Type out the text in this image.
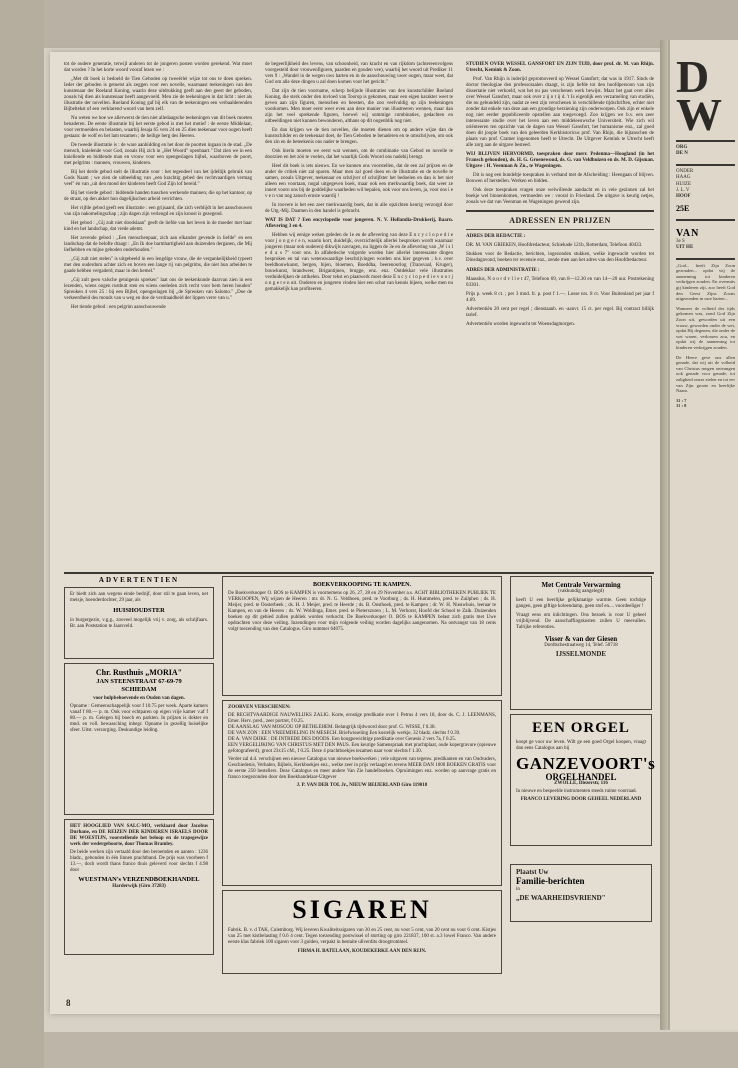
tot de oudere generatie, terwijl anderen tot de jongeren posten worden gerekend. Wat moet dat worden ? In het korte woord vooraf lezen we :

„Met dit boek is bedoeld de Tien Geboden op tweeërlei wijze tot ons te doen spreken. Ieder der geboden is getoetst als zeggen voor een novelle, waarnaast teekeningen van den kunstenaar der Roeland Koning, waarin deze uitdrukking geeft aan den geest der geboden, zooals hij dien als kunstenaar heeft aangevoeld. Men zie de teekeningen in dat licht : niet als illustratie der novellen. Roeland Koning gaf bij elk van de teekeningen een verbaalderenden Bijbeltekst of een verklarend woord van hem zelf.

Nu weten we hoe we allerwerst de tien niet alledaagsche teekeningen van dit boek moeten benaderen. De eerste illustratie bij het eerste gebod is met het motief : de eerste Middelaar, voor vermoeiden en belasten, waarbij Jesaja 65 vers 24 en 25 dien teekenaar voor oogen heeft gestaan: de wolf en het lam tezamen ; de heilige berg des Heeren.

De tweede illustratie is : de ware aanbidding en het door de poorten ingaan in de stad. „De mensch, knielende voor God, zooals Hij zich in „Het Woord" openbaart." Dat zien we in een kniellende en biddende man en vrouw voor een opengeslagen bijbel, waarboven de poort, met pelgrims : mannen, vrouwen, kinderen.

Bij het derde gebod stelt de illustratie voor : het tegendeel van het ijdellijk gebruik van Gods Naam ; we zien de uitbeelding van „een krachtig gebed des rechtvaardigen vermag veel" én van „uit den mond der kinderen heeft God Zijn lof bereid."

Bij het vierde gebod : biddende handen tusschen werkende mannen; die op het kantoor, op de straat, op den akker hun dagelijkschen arbeid verrichten.

Het vijfde gebod geeft een illustratie : een grijsaard, die zich verblijdt in het aanschouwen van zijn nakomelingschap ; zijn dagen zijn verlengd en zijn kroost is gezegend.

Het gebod : „Gij zult niet doodslaan" geeft de liefde van het leven in de moeder met haar kind en het landschap, dat vrede ademt.

Het zevende gebod : „Een menschenpaar, zich aan elkander gevende in liefde" en een landschap dat de belofte draagt : „En Ik doe barmhartigheid aan duizenden derganen, die Mij liefhebben en mijne geboden onderhouden."

„Gij zult niet stelen" is uitgebeeld in een lengdige vrouw, die de vergankelijkheid typeert met den ouderdom achter zich en boven een lange rij van pelgrims, die niet hun arbeiden te gaade hebben vergaderd, maar in den hemel."

„Gij zult geen valsche getuigenis spreken" laat ons de teekenkunde daarvan zien in een lezenden, wiens oogen rusthuit sten en wiens ooeleden zich recht voor hem heren houden" Spreuken 4 vers 25 : bij een Bijbel, opengeslagen bij „de Spreuken van Salomo." „Doe de verkeerdheid des monds van u weg en doe de verdraaidheid der lippen verre van u."

Het tiende gebod : een pelgrim aanschouwende

de begeerlijkheid des levens, van schoonheid, van kracht en van rijkdom (achtereenvolgens voorgesteld door vrouwenfiguren, paarden en gouden vee), waarbij het woord uit Prediker 11 vers 9 : „Wandel in de wegen uws harten en in de aanschouwing uwer oogen, maar weet, dat God om alle deze dingen u zal doen komen voor het gericht."

Dat zijn de tien voorname, scherp belijnde illustraties van den kunstschilder Roeland Koning, die sterk onder den invloed van Toorop is gekomen, maar een eigen karakter weet te geven aan zijn figuren, menschen en beesten, die zoo veelvuldig op zijn teekeningen voorkomen. Men moet eerst weer even aan deze manier van illustreeren wennen, maar dan zijn het veel sprekende figuren, hoewel wij sommige combinaties, gedachten en uitbeeldingen niet kunnen bewonderen, althans op dit oogenblik nog niet.

En dan krijgen we de tien novellen, die moeten dienen om op andere wijze dan de kunstschilder en de teekenaar doet, de Tien Geboden te benaderen en te omschrijven, om ook den zin en de beteekenis ons nader te brengen.

Ook hierin moeten we eerst wat wennen, om de combinatie van Gebod en novelle te doorzien en het zóó te voelen, dat het waarlijk Gods Woord ons nadebij brengt.

Heel dit boek is iets nieuws. En we kunnen ons voorstellen, dat de een zal prijzen en de ander de critiek niet zal sparen. Maar men zal goed doen en de illustratie en de novelle te samen, zooals Uitgever, teekenaar en schrijver of schrijfster het bedoelen en dan is het niet alleen een voortaan, nogal uitgegeven boek, maar ook een merkwaardig boek, dat weer ze innert voorn ons bij de goddelijke waarheden wil bepalen, ook voor ons leven, ja, voor ons i e v e n van nog zansch ernste waardij !

In roovere is het een zeer merkwaardig boek, dat in alle opzichten keurig verzorgd door de Utg.-Mij. Daamen in den handel is gebracht.

WAT IS DAT ? Een encyclopedie voor jongeren. N. V. Hollandia-Drukkerij, Baarn. Aflevering 3 en 4.

Hebben wij eenige weken geleden de 1e en de aflevering van deze E n c y c l o p e d i e voor j o n g e r e n, waarin kort, duidelijk, overzichtelijk allerlei besproken wordt waarnaar jongeren (maar ook ouderen) dikwijls navragen, nu liggen de 3e en 4e aflevering van „W i s l e d a s 7" voor ons. In alfabetische volgorde worden hier allerlei interessante dingen besproken en tal van wetenswaardige beschrijvingen worden ons hier gegeven ; b.v. over beeldhouwkunst, bergen, bijen, bloemen, Boeddha, beerenoorlog (Transvaal, Kruger), bouwkunst, brandweer, Brigantijnen, brugge, enz. enz. Ontdekkar vele illustraties verduidelijken de artikelen. Door tekst en plaatwerk moet deze E n c y c l o p e d i e v o o r j o n g e r e n uit. Ouderen en jongeren vinden hier een schat van kennis bijeen, welke men nu gemakkelijk kan profiteeren.

STUDIEN OVER WESSEL GANSFORT EN ZIJN TIJD, door prof. dr. M. van Rhijn. Utrecht, Kemink & Zoon.

Prof. Van Rhijn is inderijd gepromoveerd op Wessel Gansfort; dat was in 1917. Sinds de doctor theologiae den professoraalen draagt, is zijn liefde tot den hoofdpersoon van zijn dissertatie niet verkoeld, wat het nu pas verschenen werk bewijst. Maar het gaat over alles over Wessel Gansfort, maar ook over z ij n t ij d. 't Is eigenlijk een verzameling van studiën, die nu gebundeld zijn, nadat ze eest zijn verschenen in verschillende tijdschriften, echter niet zonder dat enkele van deze aan een grondige herziening zijn onderworpen. Ook zijn er enkele nog niet eerder gepubliceerde opstellen aan toegevoegd. Zoo krijgen we b.v. een zeer interessante studie over het leven aan een middeleeuwsche Universiteit. Wie zich wil oriënteeren ten opzichte van de dagen van Wessel Gansfort, het humanisme enz., zal goed doen dit joopie boek van den geleerden Kerkhistoricus prof. Van Rhijn, die bijtanschen de plaats van prof. Cramer ingenomen heeft te Utrecht. De Uitgever Kemink te Utrecht heeft alle zorg aan de uitgave besteed.

WIJ BLIJVEN HERVORMD, toespraken door merr. Pedenma—Hoogland (in het Fransch gehouden), ds. H. G. Groenewoud, ds. G. van Veldhuizen en ds. M. D. Gijsman. Uitgave : H. Veenman & Zn., te Wageningen.

Dit is nog een bundeltje toespraken in verband met de Afscheiding : Heengaan of blijven. Bouwen of herstellen. Werken en bidden.

Ook deze toespraken vragen onze welwillende aandacht en in vele gezinnen zal het boekje wel binnenkomen, vermoeden we : vooral in Friesland. De uitgave is keurig netjes, zooals we dat van Veenman en Wageningen gewend zijn.

ADRESSEN EN PRIJZEN

ADRES DER REDACTIE :

DR. M. VAN GRIEKEN, Hoofdredacteur, Schiekade 121b, Rotterdam, Telefoon 40433.

Stukken voor de Redactie, berichten, ingezonden stukken, welke ingewacht worden tot Dinsdagavond, boeken ter recensie enz., zende men aan het adres van den Hoofdredacteur.

ADRES DER ADMINISTRATIE :

Maasslus, N o o r d v l l e t 47, Telefoon 69, van 8—12.30 en van 14—20 uur. Postrekening 03301.

Prijs p. week 8 ct. ; per 3 mnd. fr. p. post f 1.—. Losse nrs. 8 ct. Voor Buitenland per jaar f 4.69.

Advertentiën 20 cent per regel ; dienstaanb. en -aanvr. 15 ct. per regel. Bij contract billijk tarief.

Advertentiën worden ingewacht tot Woensdagmorgen.

ADVERTENTIEN
Er biedt zich aan wegens einde bedrijf, door stil te gaan leven, net meisje, hoenderdochter, 29 jaar, als
HUISHOUDSTER
in burgergezin, v.g.g., zooveel mogelijk vrij v. zorg, als schrijfaars. Br. aan Poststation te Jaarsveld.
Chr. Rusthuis „MORIA"
JAN STEENSTRAAT 67-69-79
SCHIEDAM
voor hulpbehoevende en Ouden van dagen.
Opname : Gemeenschappelijk voor f 10.75 per week. Aparte kamers vanaf f 80.— p. m. Ook voor echtparen op eigen vrije kamer v.af f 80.— p. m. Gelegen bij boech en parkten. In prijzen is dokter en mnd. en voll. bewassching inbegr. Opname in gezellig huiselijke sfeer. Uitst. verzorging. Deskundige leiding.
HET HOOGLIED VAN SALC-MO, verklaard door Jacobus Durhane, en DE REIZEN DER KINDEREN ISRAELS DOOR DE WOESTIJN, voorstellende het beloop en de trapsgewijze werk der wedergeboorte, door Thomas Bramley.
De beide werken zijn vertaald door den beroemden en aanten : 1236 bladz., gebonden in één linnen prachtband. De prijs was voorheen f 13.—, doch wordt thans franco thuis geleverd voor slechts f 4.98 door
WUESTMAN's VERZENDBOEKHANDEL
Harderwijk (Giro 37283)
BOEKVERKOOPING TE KAMPEN.
De Boekverkooper O. BOS te KAMPEN is voornemens op 26, 27, 28 en 29 November a.s. ACHT BIBLIOTHEKEN PUBLIEK TE VERKOOPEN, Wij wijzen de Heeren : mr. dr. N. G. Veldhoen, pred. te Voorburg ; ds. H. Hummelen, pred. te Zuilphen ; ds. H. Meijer, pred. te Oosterbeek ; ds. H. J. Meijer, pred. te Heerde ; ds. B. Oosthoek, pred. te Kampen ; dr. W. H. Nieuwhuis, leeraar te Kampen, en van de Heeren : ds. W. Woldinga, Emer. pred. te Pieterszuren ; L. M. Verhorst, Hoofd der School te Zaik. Duizenden boeken op dit gebied zullen publiek worden verkocht. De Boekverkooper O. BOS te KAMPEN belast zich gratis met Uwe opdrachten voor deze veiling. Inzendingen voor mijn volgende veiling worden dagelijks aangenomen. Na ontvangst van 18 cents volgt toezending van den Catalogus. Giro nummer 64075.
ZOORVEN VERSCHENEN:
DE RECHTVAARDIGE NAUWELIJKS ZALIG. Korte, ernstige predikatie over 1 Petrus 4 vers 18, door ds. C. J. LEENMANS, Emer. Herv. pred., zeer portret, f 0.25.
DE AANSLAG VAN MOSCOU OP BETHLEHEM. Belangrijk tijdwoord door prof. G. WISSE, f 0.38.
DE VAN ZON : EEN VREEMDELING IN MESECH. Briefwisseling Een kostelijk werkje, 32 bladz. slechts f 0.39.
DE A. VAN DIJKE : DE INTREDE DES DOODS. Een hoogpewichtige predikatie over Genesis 2 vers 7a, f 0.25.
EEN VERGELIJKING VAN CHRISTUS MET DEN PAUS. Een keurige Samenspraak met prachtplaat, oude kopergravure (opieuwe gefotografeerd), groot 23x15 cM., f 0.25. Deze 4 prachtboekjes tezamen naar voor slechts f 1.30.
Verder zal d.d. verschijnen een nieuwe Catalogus van nieuwe boekwerken ; vele uitgaven van tegenw. predikanten en van Oudvaders, Geschiedenis, Verhalen, Bijbels, Kerkboekjes enz., welke zeer in prijs verlaagd en tevens MEER DAN 1000 BOEKEN GRATIS voor de eerste 250 bestellers. Deze Catalogus en meer andere Van Zie handelboeken. Opruimingen enz. worden op aanvrage gratis en franco toegezonden door den Boekhandelaar-Uitgever
J. P. VAN DER TOL Jr., NIEUW BEIJERLAND Giro 119018
SIGAREN
Fabrik. B. v. d TAK, Culemborg. Wij leveren Kwaliteitssigaren van 30 en 25 cent, nu voor 5 cent, van 20 cent nu voor 6 cent. Kistjes van 25 met kistbelasting f 0.6 4 cent. Tegen toezending postwissel of storting op giro 221837, 100 st. a.3 lowel Franco. Van andere eerste klas fabriek 100 sigaren voor 3 gulden, verpakt in bestaite ullverdits droogtrommel.
FIRMA H. BATELAAN, KOUDEKERKE AAN DEN RIJN.
Met Centrale Verwarming
(vakkundig aangelegd)
heeft U een heerlijke gelijkmatige warmte. Geen tochtige gangen, geen giftige koleendamp, geen stof en.... voordeeliger !
Vraagt eens om inlichtingen. Ons bezoek is voor U geheel vrijblijvend. De aanschaffingskosten zullen U meevallen. Talrijke referenties.
Visser & van der Giesen
Dordtschestraatweg 14, Telef. 50718
IJSSELMONDE
EEN ORGEL
koopt ge voor uw leven. Wilt ge een goed Orgel koopen, vraagt dan eens Catalogus aan bij
GANZEVOORT's
ORGELHANDEL
ZWOLLE, Diezerstr, 116
In nieuwe en bespeelde instrumenten steeds ruime voorraad.
FRANCO LEVERING DOOR GEHEEL NEDERLAND
Plaatst Uw
Familie-berichten
in
„DE WAARHEIDSVRIEND"
8
D
W
ORG
DE N
ONDER
HAAG
HUIZE
J. L. V
HOOF
25E
VAN
3e S
UIT HE
„God... heeft Zijn Zoon gezonden... opdat wij de aanneming tot kinderen verkrijgen zouden. En overmits gij kinderen zijt, zoo heeft God den Geest Zijns Zoons uitgezonden in uwe harten...
Wanneer de volheid des tijds gekomen was, zond God Zijn Zoon uit, geworden uit een vrouw, geworden onder de wet, opdat Hij degenen, die onder de wet waren, verlossen zou, en opdat wij de aanneming tot kinderen verkrijgen zouden.
De Heere geve ons allen genade, dat wij uit de volheid van Christus mogen ontvangen ook genade voor genade, tot zaligheid onzer zielen en tot eer van Zijn groote en heerlijke Naam.
11 : 7
11 : 8
